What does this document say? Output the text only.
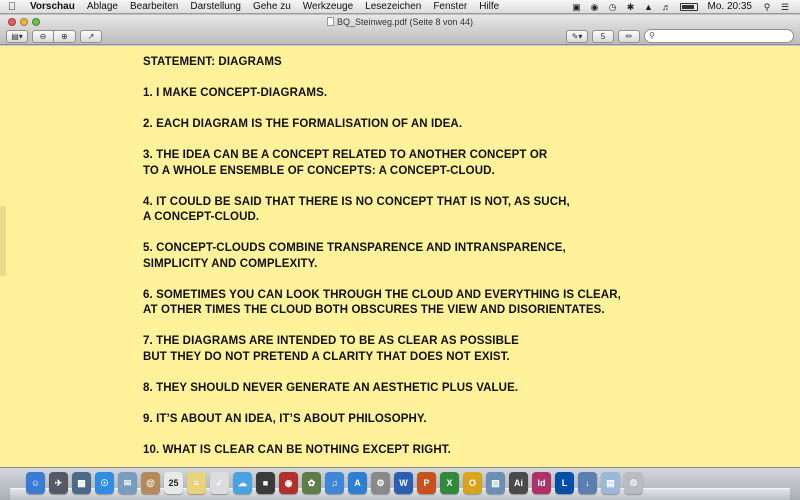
Vorschau	Ablage	Bearbeiten	Darstellung	Gehe zu	Werkzeuge	Lesezeichen	Fenster	Hilfe	▣	◉	◷	✱	▲ ♬	Mo. 20:35	⚲	☰
BQ_Steinweg.pdf (Seite 8 von 44)
▤▾ ⊖ ⊕ ↗	✎▾ 5	✏ ⚲
STATEMENT: DIAGRAMS
1. I MAKE CONCEPT-DIAGRAMS.
2. EACH DIAGRAM IS THE FORMALISATION OF AN IDEA.
3. THE IDEA CAN BE A CONCEPT RELATED TO ANOTHER CONCEPT OR
TO A WHOLE ENSEMBLE OF CONCEPTS: A CONCEPT-CLOUD.
4. IT COULD BE SAID THAT THERE IS NO CONCEPT THAT IS NOT, AS SUCH,
A CONCEPT-CLOUD.
5. CONCEPT-CLOUDS COMBINE TRANSPARENCE AND INTRANSPARENCE,
SIMPLICITY AND COMPLEXITY.
6. SOMETIMES YOU CAN LOOK THROUGH THE CLOUD AND EVERYTHING IS CLEAR,
AT OTHER TIMES THE CLOUD BOTH OBSCURES THE VIEW AND DISORIENTATES.
7. THE DIAGRAMS ARE INTENDED TO BE AS CLEAR AS POSSIBLE
BUT THEY DO NOT PRETEND A CLARITY THAT DOES NOT EXIST.
8. THEY SHOULD NEVER GENERATE AN AESTHETIC PLUS VALUE.
9. IT’S ABOUT AN IDEA, IT’S ABOUT PHILOSOPHY.
10. WHAT IS CLEAR CAN BE NOTHING EXCEPT RIGHT.
☺	✈	▦	☉	✉	@	25	≡	✓	☁	■	◉	✿	♫	A	⚙	W	P	X	O	▧	Ai	Id	L	↓	▤	♲
